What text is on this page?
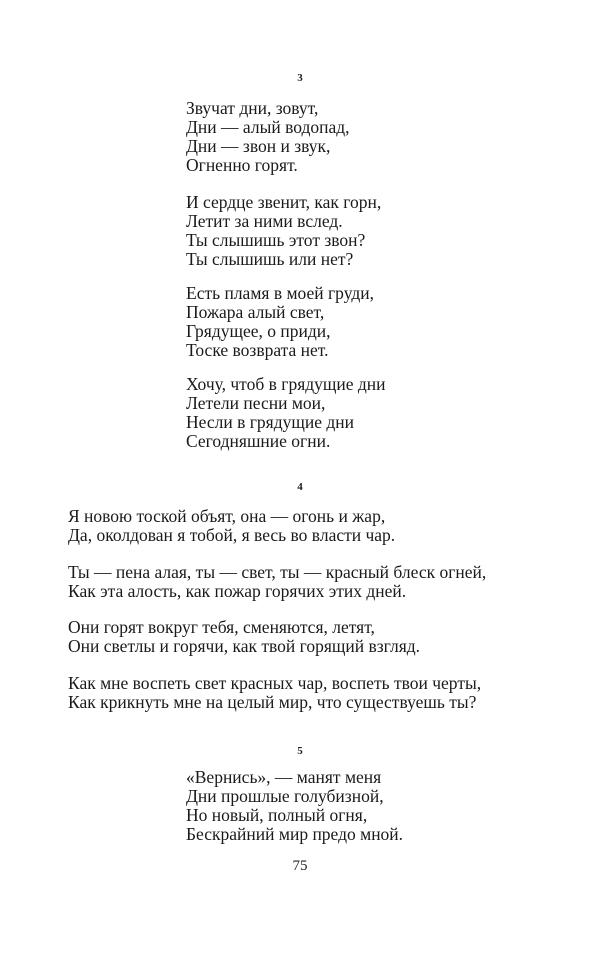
3
Звучат дни, зовут,
Дни — алый водопад,
Дни — звон и звук,
Огненно горят.
И сердце звенит, как горн,
Летит за ними вслед.
Ты слышишь этот звон?
Ты слышишь или нет?
Есть пламя в моей груди,
Пожара алый свет,
Грядущее, о приди,
Тоске возврата нет.
Хочу, чтоб в грядущие дни
Летели песни мои,
Несли в грядущие дни
Сегодняшние огни.
4
Я новою тоской объят, она — огонь и жар,
Да, околдован я тобой, я весь во власти чар.
Ты — пена алая, ты — свет, ты — красный блеск огней,
Как эта алость, как пожар горячих этих дней.
Они горят вокруг тебя, сменяются, летят,
Они светлы и горячи, как твой горящий взгляд.
Как мне воспеть свет красных чар, воспеть твои черты,
Как крикнуть мне на целый мир, что существуешь ты?
5
«Вернись», — манят меня
Дни прошлые голубизной,
Но новый, полный огня,
Бескрайний мир предо мной.
75
